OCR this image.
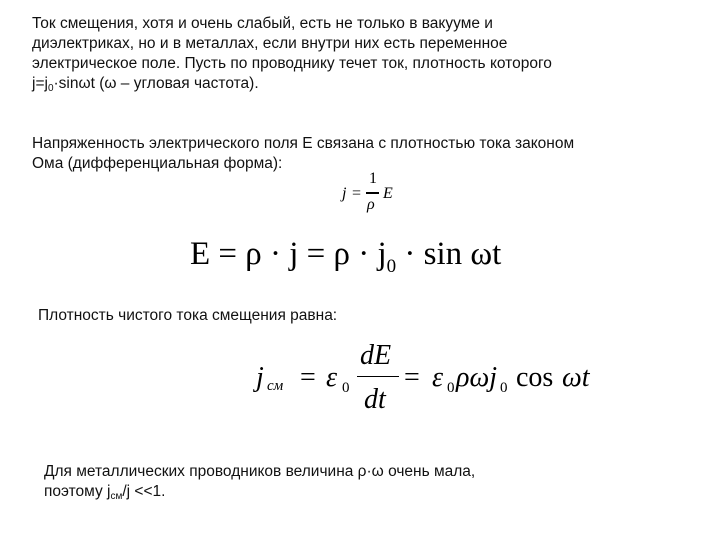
Ток смещения, хотя и очень слабый, есть не только в вакууме и
диэлектриках, но и в металлах, если внутри них есть переменное
электрическое поле. Пусть по проводнику течет ток, плотность которого
$j=j_0\cdot\sin\omega t$ (ω – угловая частота).
Напряженность электрического поля Е связана с плотностью тока законом
Ома (дифференциальная форма):
j =
1
ρ
E
$E = \rho \cdot j = \rho \cdot j_0 \cdot \sin \omega t$
Плотность чистого тока смещения равна:
j см = ε 0
dE
dt
= ε 0 ρωj 0 cos ωt
Для металлических проводников величина ρ·ω очень мала,
поэтому $j_{см}/j <<1$.
